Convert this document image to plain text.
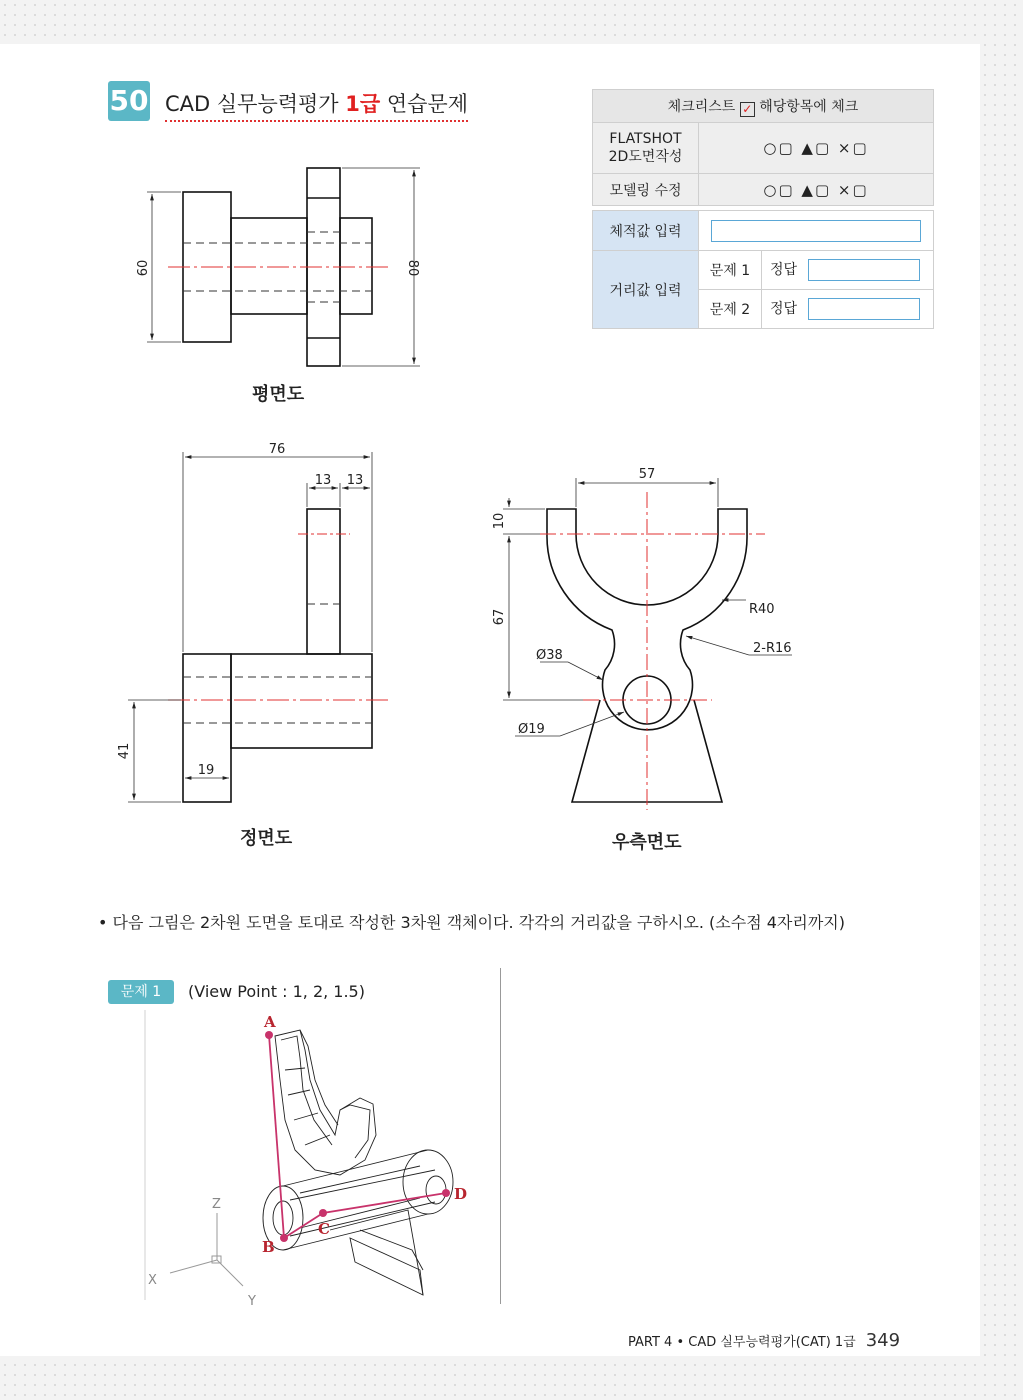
50 CAD 실무능력평가 1급 연습문제	체크리스트 ✓ 해당항목에 체크		
FLATSHOT 2D도면작성	○▢ ▲▢ ×▢	
모델링 수정	○▢ ▲▢ ×▢	

체적값 입력		
거리값 입력	문제 1	정답
	문제 2	정답
60	80
76
13 13
41
19
57
10
67	R40
2-R16
Ø38
Ø19
A
B
C
D
X
Y
Z
평면도
정면도	우측면도
• 다음 그림은 2차원 도면을 토대로 작성한 3차원 객체이다. 각각의 거리값을 구하시오. (소수점 4자리까지)
문제 1	(View Point : 1, 2, 1.5)
PART 4 • CAD 실무능력평가(CAT) 1급 349
